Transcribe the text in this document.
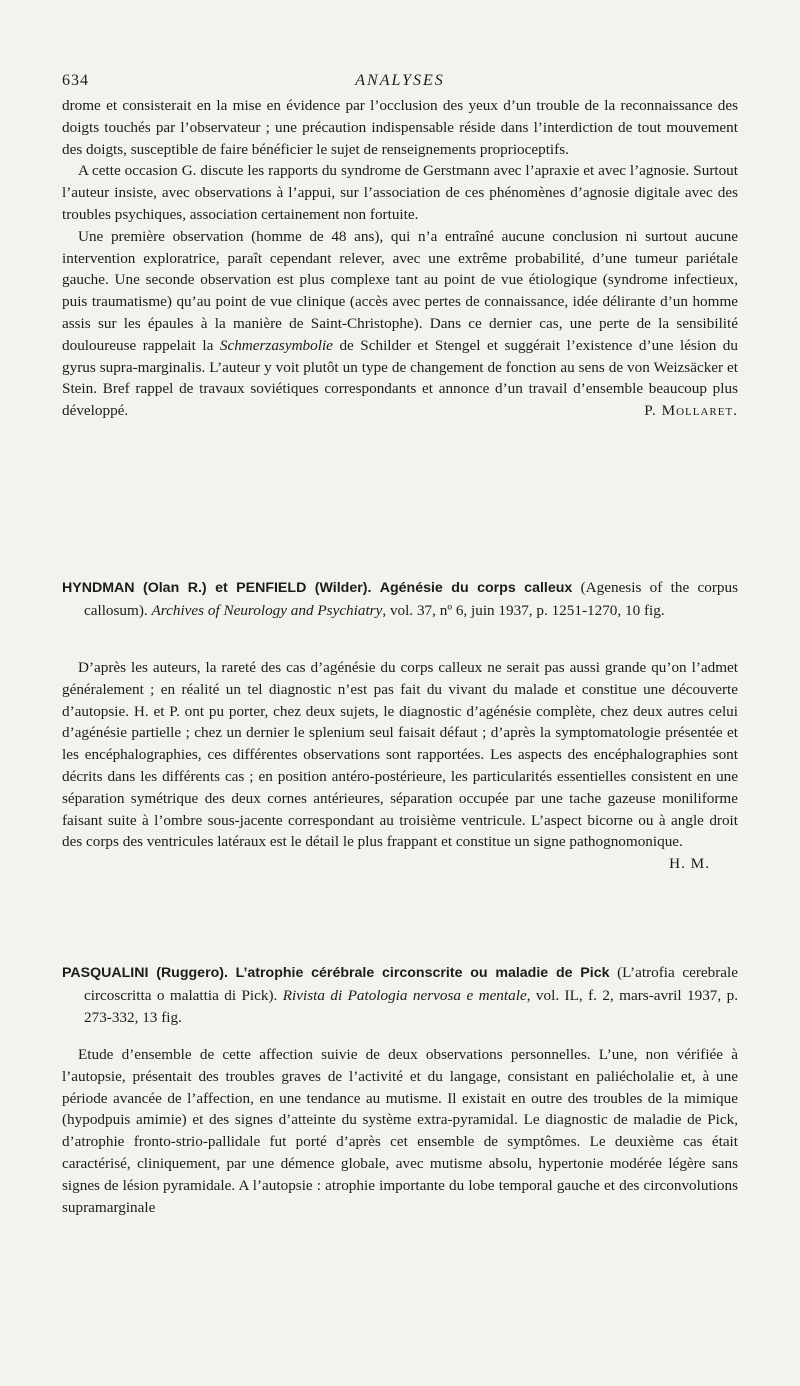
634	ANALYSES

drome et consisterait en la mise en évidence par l’occlusion des yeux d’un trouble de la reconnaissance des doigts touchés par l’observateur ; une précaution indispensable réside dans l’interdiction de tout mouvement des doigts, susceptible de faire bénéficier le sujet de renseignements proprioceptifs.

A cette occasion G. discute les rapports du syndrome de Gerstmann avec l’apraxie et avec l’agnosie. Surtout l’auteur insiste, avec observations à l’appui, sur l’association de ces phénomènes d’agnosie digitale avec des troubles psychiques, association certainement non fortuite.

Une première observation (homme de 48 ans), qui n’a entraîné aucune conclusion ni surtout aucune intervention exploratrice, paraît cependant relever, avec une extrême probabilité, d’une tumeur pariétale gauche. Une seconde observation est plus complexe tant au point de vue étiologique (syndrome infectieux, puis traumatisme) qu’au point de vue clinique (accès avec pertes de connaissance, idée délirante d’un homme assis sur les épaules à la manière de Saint-Christophe). Dans ce dernier cas, une perte de la sensibilité douloureuse rappelait la Schmerzasymbolie de Schilder et Stengel et suggérait l’existence d’une lésion du gyrus supra-marginalis. L’auteur y voit plutôt un type de changement de fonction au sens de von Weizsäcker et Stein. Bref rappel de travaux soviétiques correspondants et annonce d’un travail d’ensemble beaucoup plus développé.	P. Mollaret.

HYNDMAN (Olan R.) et PENFIELD (Wilder). Agénésie du corps calleux (Agenesis of the corpus callosum). Archives of Neurology and Psychiatry, vol. 37, nº 6, juin 1937, p. 1251-1270, 10 fig.

D’après les auteurs, la rareté des cas d’agénésie du corps calleux ne serait pas aussi grande qu’on l’admet généralement ; en réalité un tel diagnostic n’est pas fait du vivant du malade et constitue une découverte d’autopsie. H. et P. ont pu porter, chez deux sujets, le diagnostic d’agénésie complète, chez deux autres celui d’agénésie partielle ; chez un dernier le splenium seul faisait défaut ; d’après la symptomatologie présentée et les encéphalographies, ces différentes observations sont rapportées. Les aspects des encéphalographies sont décrits dans les différents cas ; en position antéro-postérieure, les particularités essentielles consistent en une séparation symétrique des deux cornes antérieures, séparation occupée par une tache gazeuse moniliforme faisant suite à l’ombre sous-jacente correspondant au troisième ventricule. L’aspect bicorne ou à angle droit des corps des ventricules latéraux est le détail le plus frappant et constitue un signe pathognomonique.
H. M.

PASQUALINI (Ruggero). L’atrophie cérébrale circonscrite ou maladie de Pick (L’atrofia cerebrale circoscritta o malattia di Pick). Rivista di Patologia nervosa e mentale, vol. IL, f. 2, mars-avril 1937, p. 273-332, 13 fig.

Etude d’ensemble de cette affection suivie de deux observations personnelles. L’une, non vérifiée à l’autopsie, présentait des troubles graves de l’activité et du langage, consistant en paliécholalie et, à une période avancée de l’affection, en une tendance au mutisme. Il existait en outre des troubles de la mimique (hypodpuis amimie) et des signes d’atteinte du système extra-pyramidal. Le diagnostic de maladie de Pick, d’atrophie fronto-strio-pallidale fut porté d’après cet ensemble de symptômes. Le deuxième cas était caractérisé, cliniquement, par une démence globale, avec mutisme absolu, hypertonie modérée légère sans signes de lésion pyramidale. A l’autopsie : atrophie importante du lobe temporal gauche et des circonvolutions supramarginale
